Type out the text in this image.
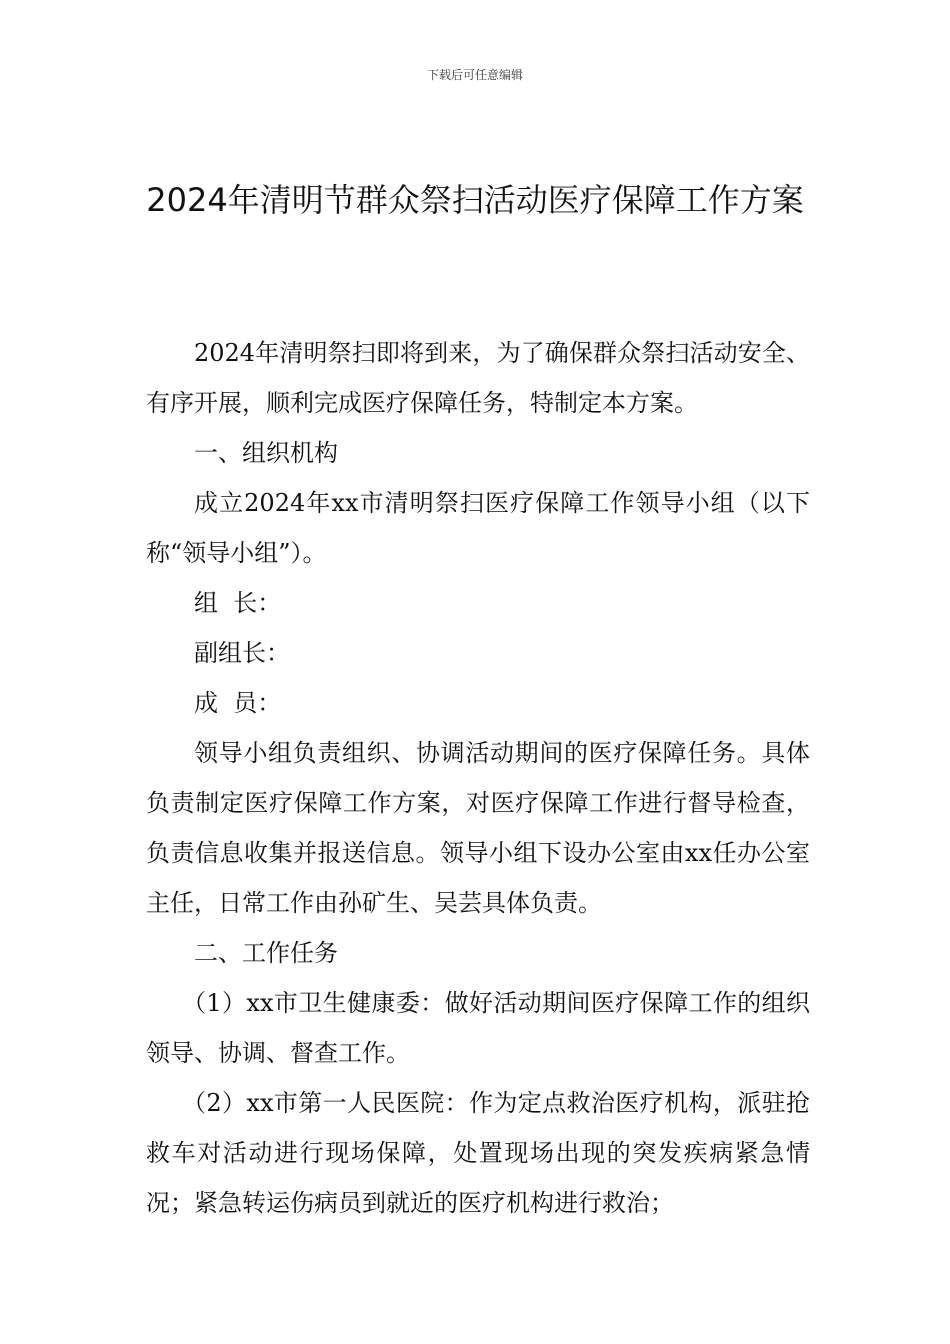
下载后可任意编辑
2024年清明节群众祭扫活动医疗保障工作方案

2024年清明祭扫即将到来，为了确保群众祭扫活动安全、有序开展，顺利完成医疗保障任务，特制定本方案。

一、组织机构

成立2024年xx市清明祭扫医疗保障工作领导小组（以下称“领导小组”）。

组  长：

副组长：

成  员：

领导小组负责组织、协调活动期间的医疗保障任务。具体负责制定医疗保障工作方案，对医疗保障工作进行督导检查，负责信息收集并报送信息。领导小组下设办公室由xx任办公室主任，日常工作由孙矿生、吴芸具体负责。

二、工作任务

（1）xx市卫生健康委：做好活动期间医疗保障工作的组织领导、协调、督查工作。

（2）xx市第一人民医院：作为定点救治医疗机构，派驻抢救车对活动进行现场保障，处置现场出现的突发疾病紧急情况；紧急转运伤病员到就近的医疗机构进行救治；
